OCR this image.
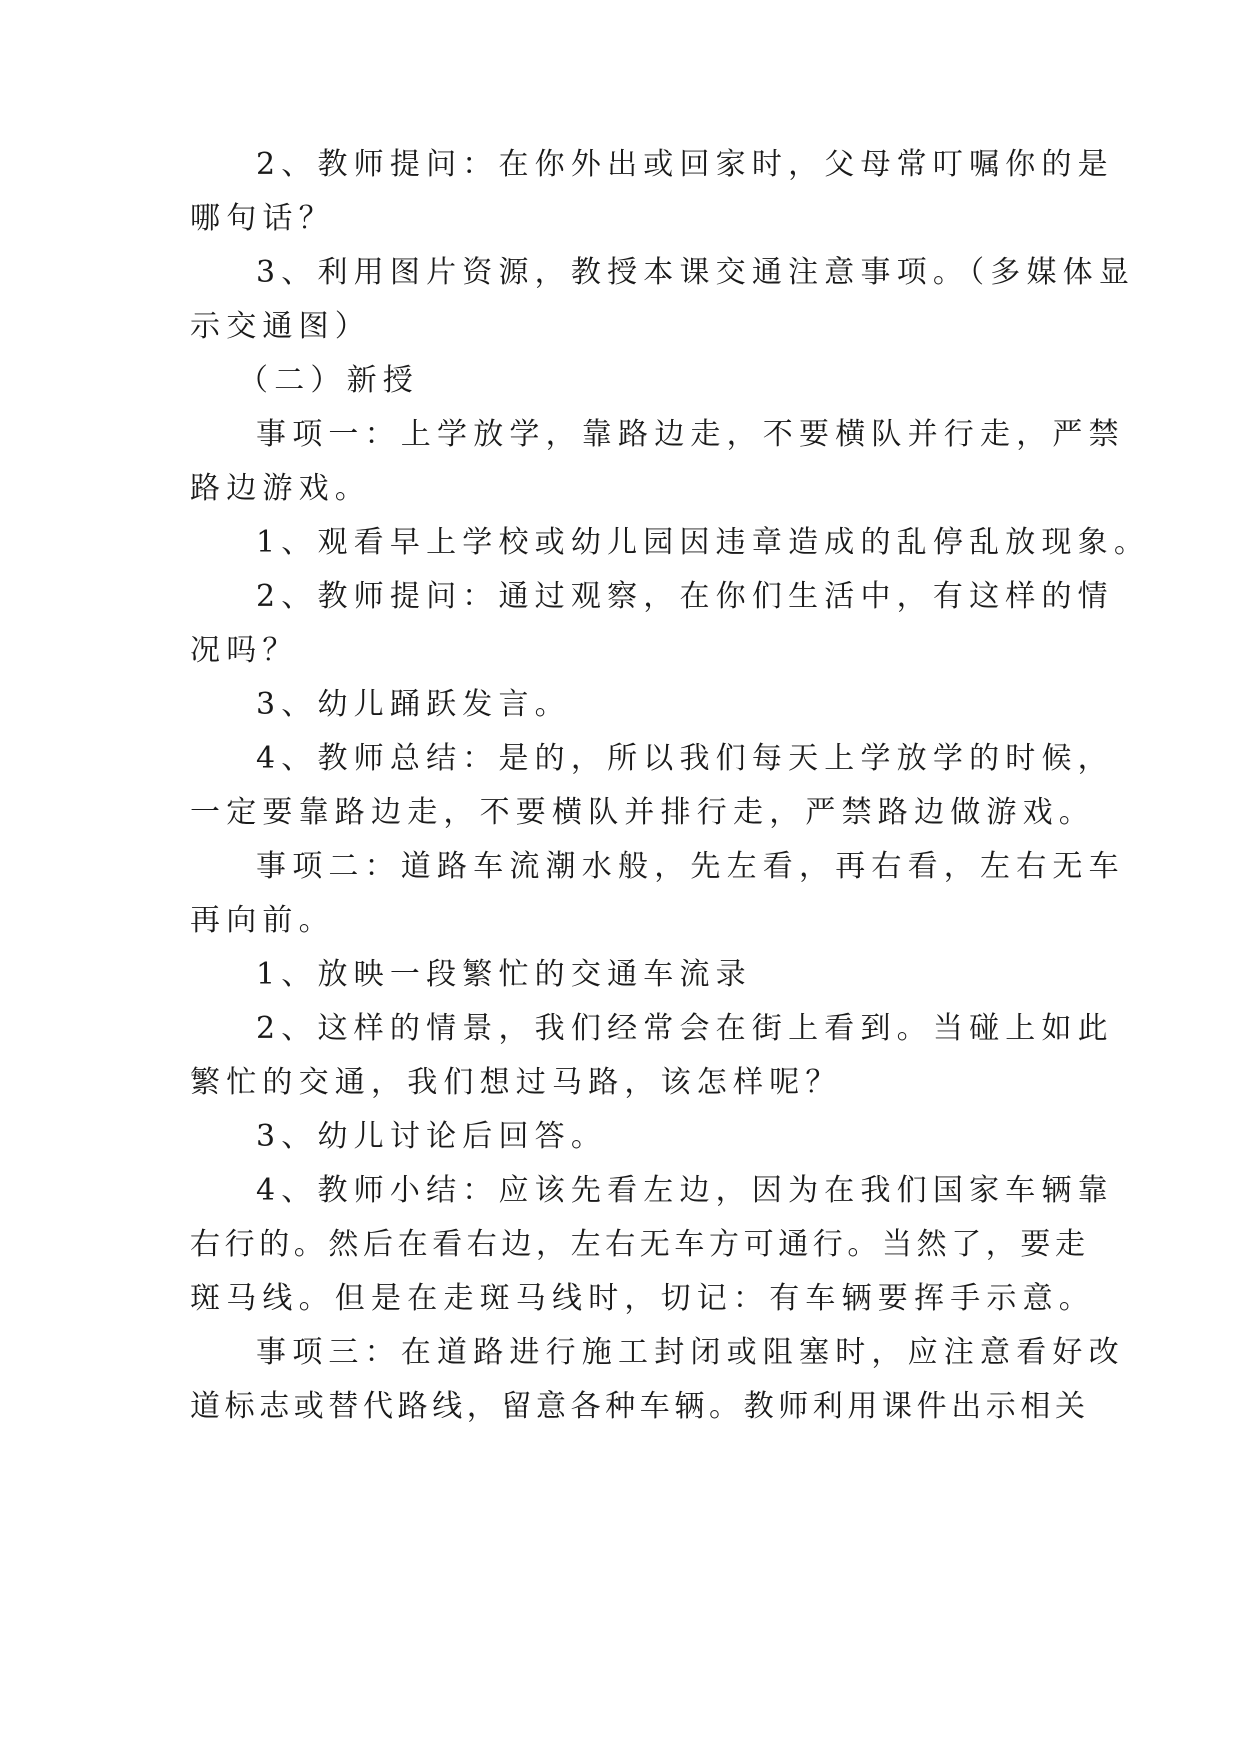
2、教师提问：在你外出或回家时，父母常叮嘱你的是
哪句话？
3、利用图片资源，教授本课交通注意事项。（多媒体显
示交通图）
（二）新授
事项一：上学放学，靠路边走，不要横队并行走，严禁
路边游戏。
1、观看早上学校或幼儿园因违章造成的乱停乱放现象。
2、教师提问：通过观察，在你们生活中，有这样的情
况吗？
3、幼儿踊跃发言。
4、教师总结：是的，所以我们每天上学放学的时候，
一定要靠路边走，不要横队并排行走，严禁路边做游戏。
事项二：道路车流潮水般，先左看，再右看，左右无车
再向前。
1、放映一段繁忙的交通车流录
2、这样的情景，我们经常会在街上看到。当碰上如此
繁忙的交通，我们想过马路，该怎样呢？
3、幼儿讨论后回答。
4、教师小结：应该先看左边，因为在我们国家车辆靠
右行的。然后在看右边，左右无车方可通行。当然了，要走
斑马线。但是在走斑马线时，切记：有车辆要挥手示意。
事项三：在道路进行施工封闭或阻塞时，应注意看好改
道标志或替代路线，留意各种车辆。教师利用课件出示相关
